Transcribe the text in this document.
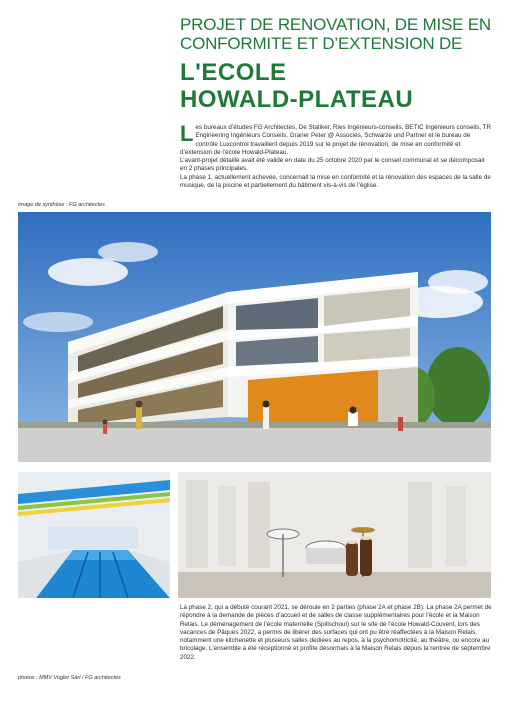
PROJET DE RENOVATION, DE MISE EN
CONFORMITE ET D’EXTENSION DE
L'ECOLE
HOWALD-PLATEAU

Les bureaux d’études FG Architectes, De Statiker, Ries Ingénieurs-conseils, BETIC Ingénieurs conseils, TR Engineering Ingénieurs Conseils, Graner Peter @ Associés, Schwarze und Partner et le bureau de contrôle Luxcontrol travaillent depuis 2019 sur le projet de rénovation, de mise en conformité et d’extension de l’école Howald-Plateau.

L’avant-projet détaillé avait été validé en date du 25 octobre 2020 par le conseil communal et se décomposait en 2 phases principales.

La phase 1, actuellement achevée, concernait la mise en conformité et la rénovation des espaces de la salle de musique, de la piscine et partiellement du bâtiment vis-à-vis de l’église.

Image de synthèse : FG architectes
La phase 2, qui a débuté courant 2021, se déroule en 2 parties (phase 2A et phase 2B). La phase 2A permet de répondre à la demande de pièces d’accueil et de salles de classe supplémentaires pour l’école et la Maison Relais. Le déménagement de l’école maternelle (Spillschoul) sur le site de l’école Howald-Couvent, lors des vacances de Pâques 2022, a permis de libérer des surfaces qui ont pu être réaffectées à la Maison Relais, notamment une kitchenette et plusieurs salles dédiées au repos, à la psychomotricité, au théâtre, ou encore au bricolage. L’ensemble a été réceptionné et profite désormais à la Maison Relais depuis la rentrée de septembre 2022.
photos : MMV Vogler Sàrl / FG architectes
